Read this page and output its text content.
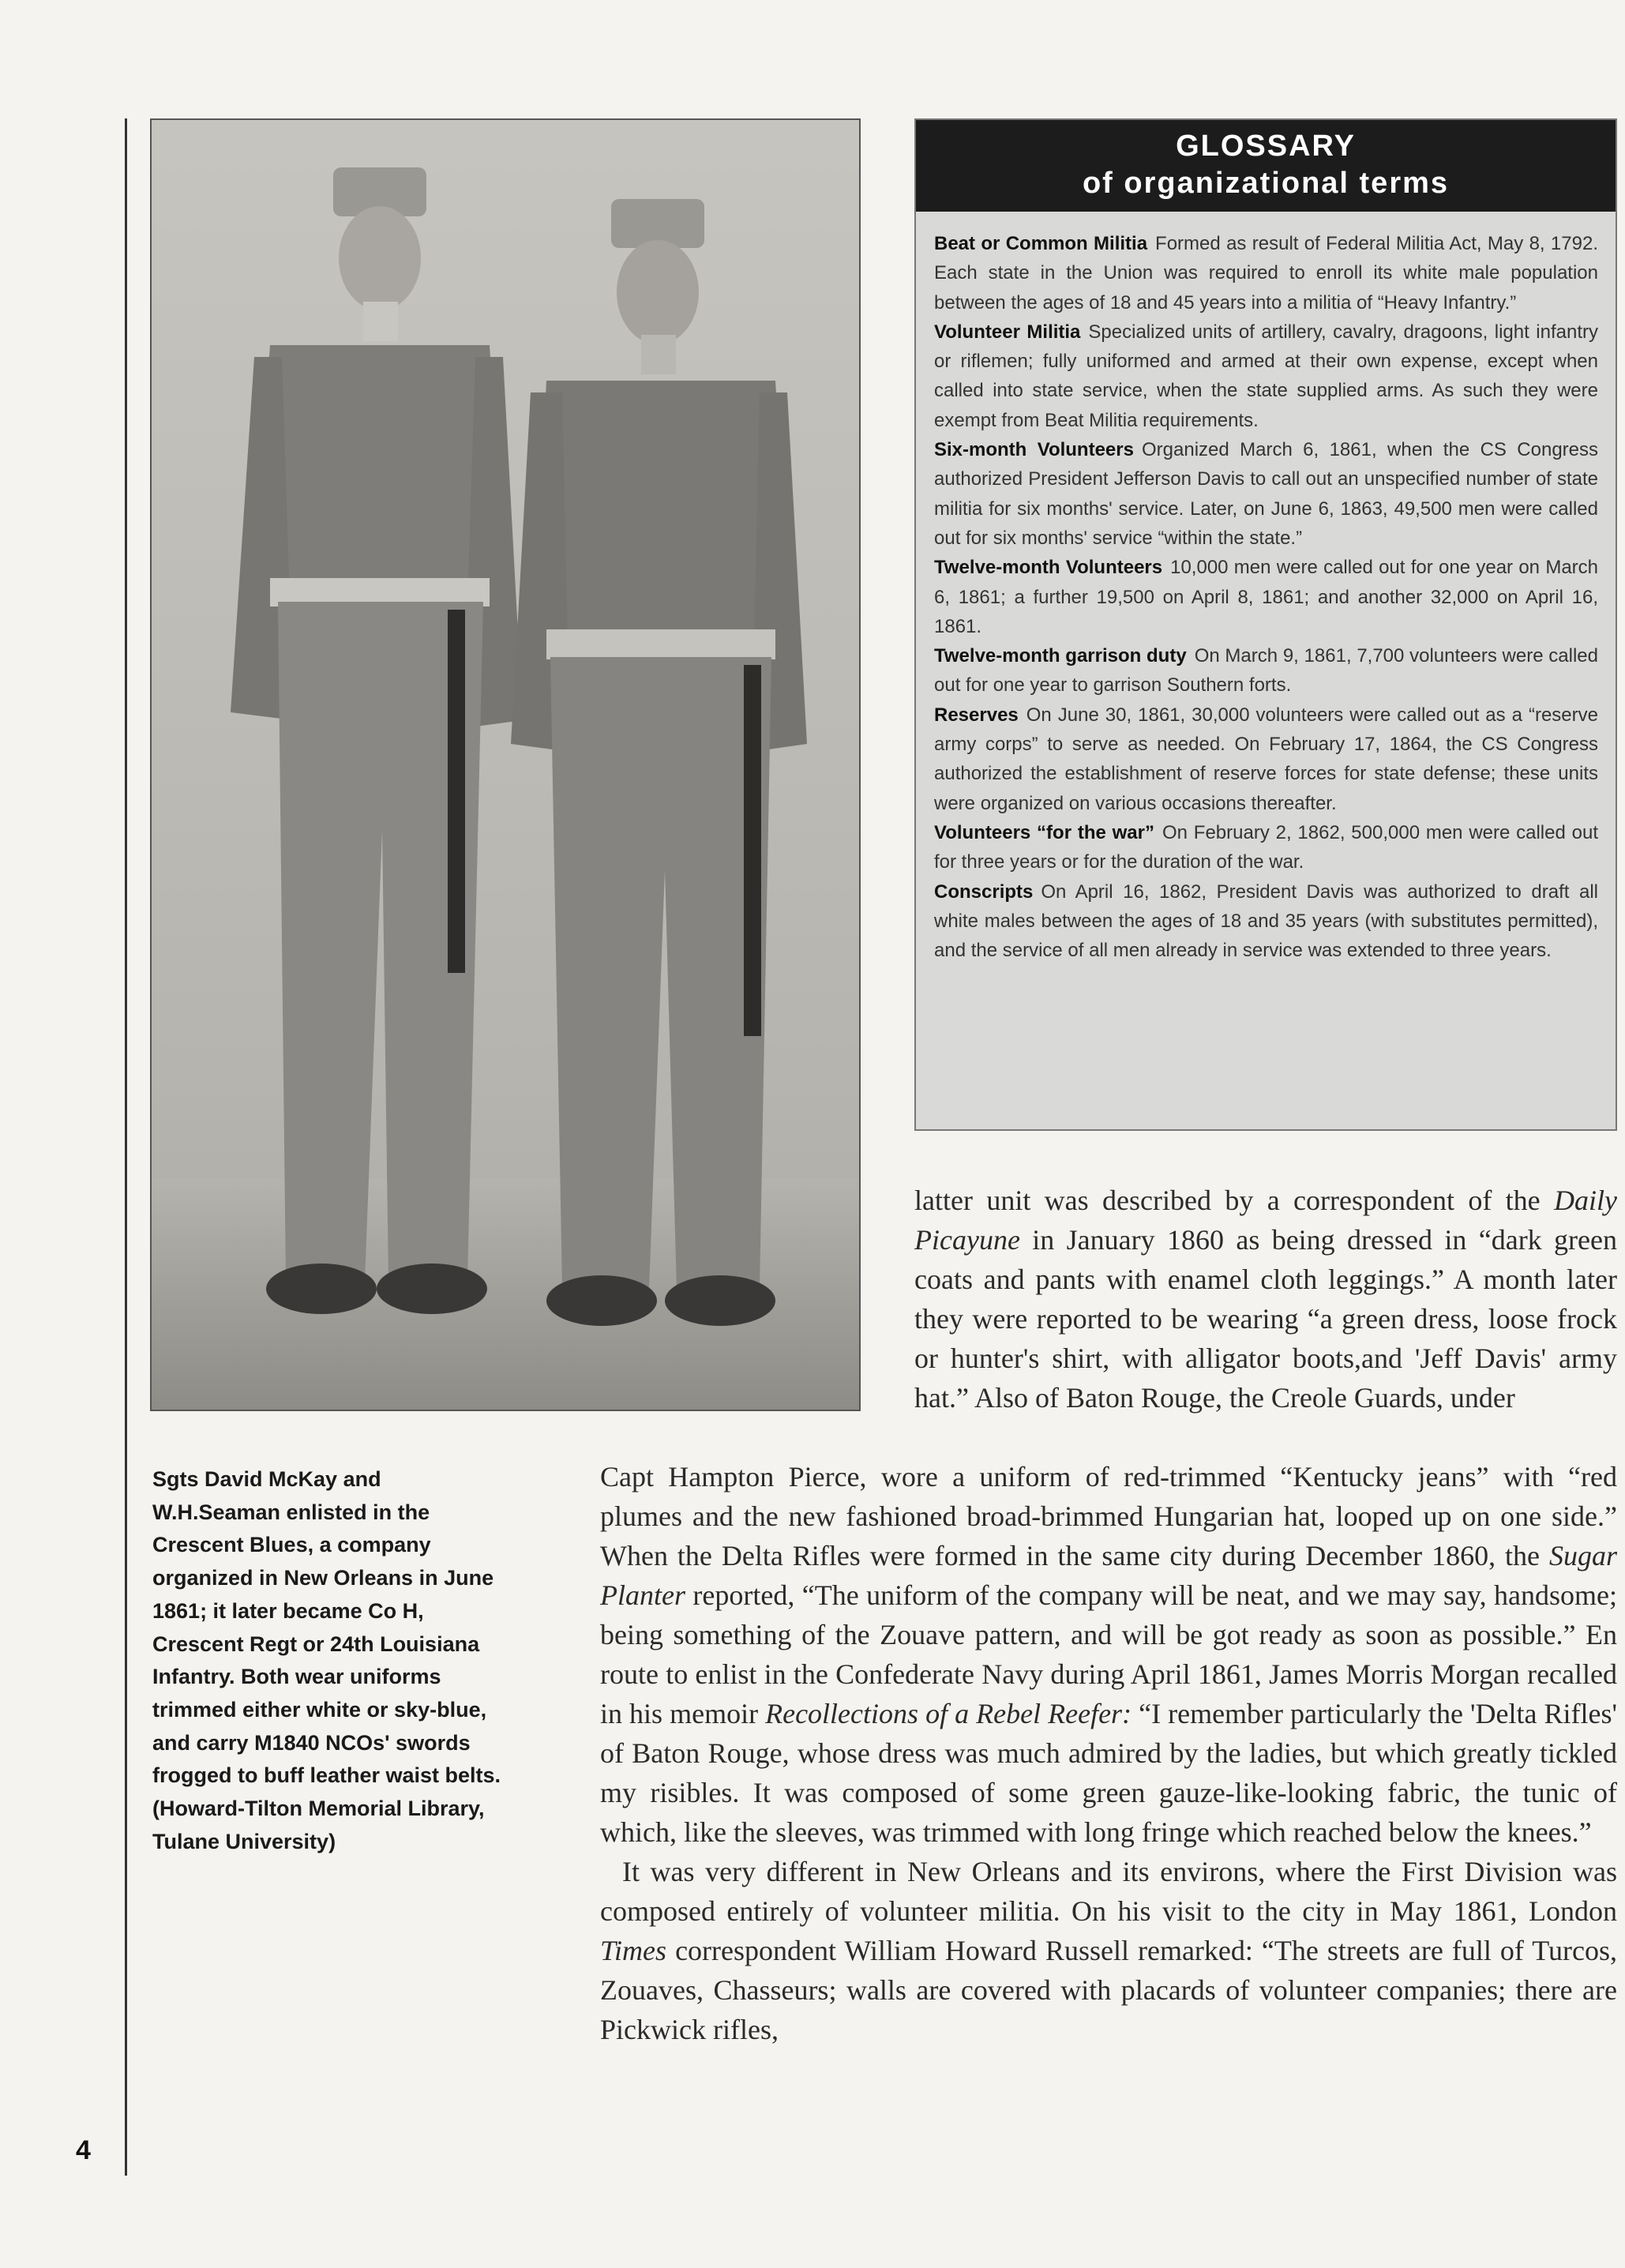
GLOSSARY
of organizational terms

Beat or Common Militia Formed as result of Federal Militia Act, May 8, 1792. Each state in the Union was required to enroll its white male population between the ages of 18 and 45 years into a militia of “Heavy Infantry.”

Volunteer Militia Specialized units of artillery, cavalry, dragoons, light infantry or riflemen; fully uniformed and armed at their own expense, except when called into state service, when the state supplied arms. As such they were exempt from Beat Militia requirements.

Six-month Volunteers Organized March 6, 1861, when the CS Congress authorized President Jefferson Davis to call out an unspecified number of state militia for six months' service. Later, on June 6, 1863, 49,500 men were called out for six months' service “within the state.”

Twelve-month Volunteers 10,000 men were called out for one year on March 6, 1861; a further 19,500 on April 8, 1861; and another 32,000 on April 16, 1861.

Twelve-month garrison duty On March 9, 1861, 7,700 volunteers were called out for one year to garrison Southern forts.

Reserves On June 30, 1861, 30,000 volunteers were called out as a “reserve army corps” to serve as needed. On February 17, 1864, the CS Congress authorized the establishment of reserve forces for state defense; these units were organized on various occasions thereafter.

Volunteers “for the war” On February 2, 1862, 500,000 men were called out for three years or for the duration of the war.

Conscripts On April 16, 1862, President Davis was authorized to draft all white males between the ages of 18 and 35 years (with substitutes permitted), and the service of all men already in service was extended to three years.

Sgts David McKay and W.H.Seaman enlisted in the Crescent Blues, a company organized in New Orleans in June 1861; it later became Co H, Crescent Regt or 24th Louisiana Infantry. Both wear uniforms trimmed either white or sky-blue, and carry M1840 NCOs' swords frogged to buff leather waist belts. (Howard-Tilton Memorial Library, Tulane University)

latter unit was described by a correspondent of the Daily Picayune in January 1860 as being dressed in “dark green coats and pants with enamel cloth leggings.” A month later they were reported to be wearing “a green dress, loose frock or hunter's shirt, with alligator boots,and 'Jeff Davis' army hat.” Also of Baton Rouge, the Creole Guards, under

Capt Hampton Pierce, wore a uniform of red-trimmed “Kentucky jeans” with “red plumes and the new fashioned broad-brimmed Hungarian hat, looped up on one side.” When the Delta Rifles were formed in the same city during December 1860, the Sugar Planter reported, “The uniform of the company will be neat, and we may say, handsome; being something of the Zouave pattern, and will be got ready as soon as possible.” En route to enlist in the Confederate Navy during April 1861, James Morris Morgan recalled in his memoir Recollections of a Rebel Reefer: “I remember particularly the 'Delta Rifles' of Baton Rouge, whose dress was much admired by the ladies, but which greatly tickled my risibles. It was composed of some green gauze-like-looking fabric, the tunic of which, like the sleeves, was trimmed with long fringe which reached below the knees.”

It was very different in New Orleans and its environs, where the First Division was composed entirely of volunteer militia. On his visit to the city in May 1861, London Times correspondent William Howard Russell remarked: “The streets are full of Turcos, Zouaves, Chasseurs; walls are covered with placards of volunteer companies; there are Pickwick rifles,

4
